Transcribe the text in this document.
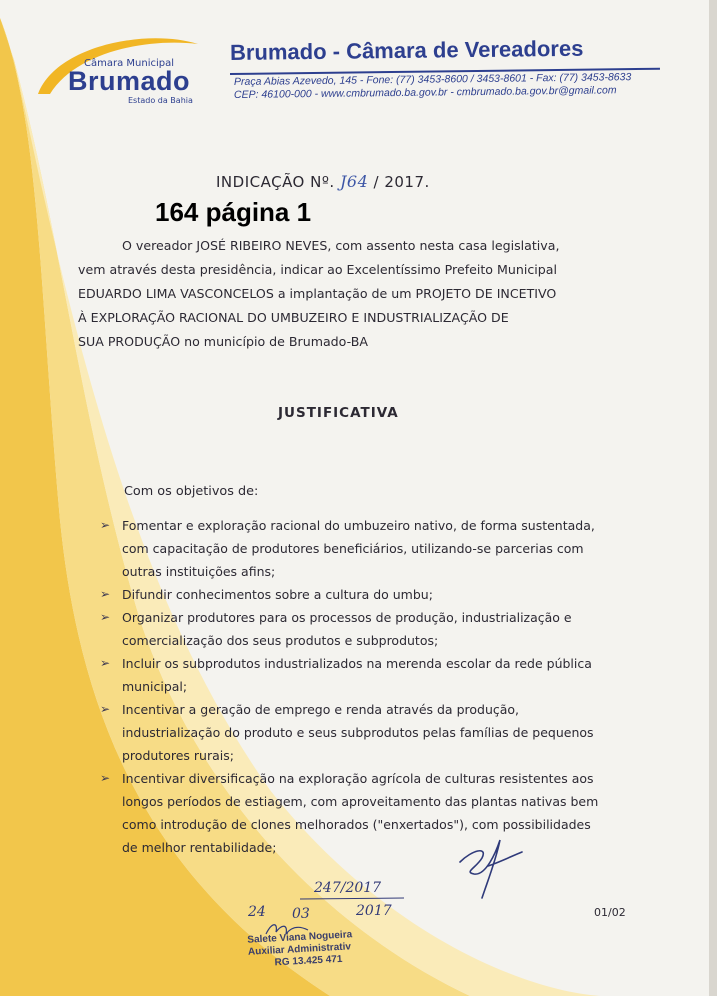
Câmara Municipal
Brumado
Estado da Bahia
Brumado - Câmara de Vereadores
Praça Abias Azevedo, 145 - Fone: (77) 3453-8600 / 3453-8601 - Fax: (77) 3453-8633
CEP: 46100-000 - www.cmbrumado.ba.gov.br - cmbrumado.ba.gov.br@gmail.com
INDICAÇÃO Nº. J64 / 2017.
164 página 1
O vereador JOSÉ RIBEIRO NEVES, com assento nesta casa legislativa,
vem através desta presidência, indicar ao Excelentíssimo Prefeito Municipal
EDUARDO LIMA VASCONCELOS a implantação de um PROJETO DE INCETIVO
À EXPLORAÇÃO RACIONAL DO UMBUZEIRO E INDUSTRIALIZAÇÃO DE
SUA PRODUÇÃO no município de Brumado-BA
JUSTIFICATIVA
Com os objetivos de:
➢ Fomentar e exploração racional do umbuzeiro nativo, de forma sustentada,
com capacitação de produtores beneficiários, utilizando-se parcerias com
outras instituições afins;
➢ Difundir conhecimentos sobre a cultura do umbu;
➢ Organizar produtores para os processos de produção, industrialização e
comercialização dos seus produtos e subprodutos;
➢ Incluir os subprodutos industrializados na merenda escolar da rede pública
municipal;
➢ Incentivar a geração de emprego e renda através da produção,
industrialização do produto e seus subprodutos pelas famílias de pequenos
produtores rurais;
➢ Incentivar diversificação na exploração agrícola de culturas resistentes aos
longos períodos de estiagem, com aproveitamento das plantas nativas bem
como introdução de clones melhorados ("enxertados"), com possibilidades
de melhor rentabilidade;
247/2017
24 03	2017	01/02
Salete Viana Nogueira
Auxiliar Administrativ
RG 13.425 471
